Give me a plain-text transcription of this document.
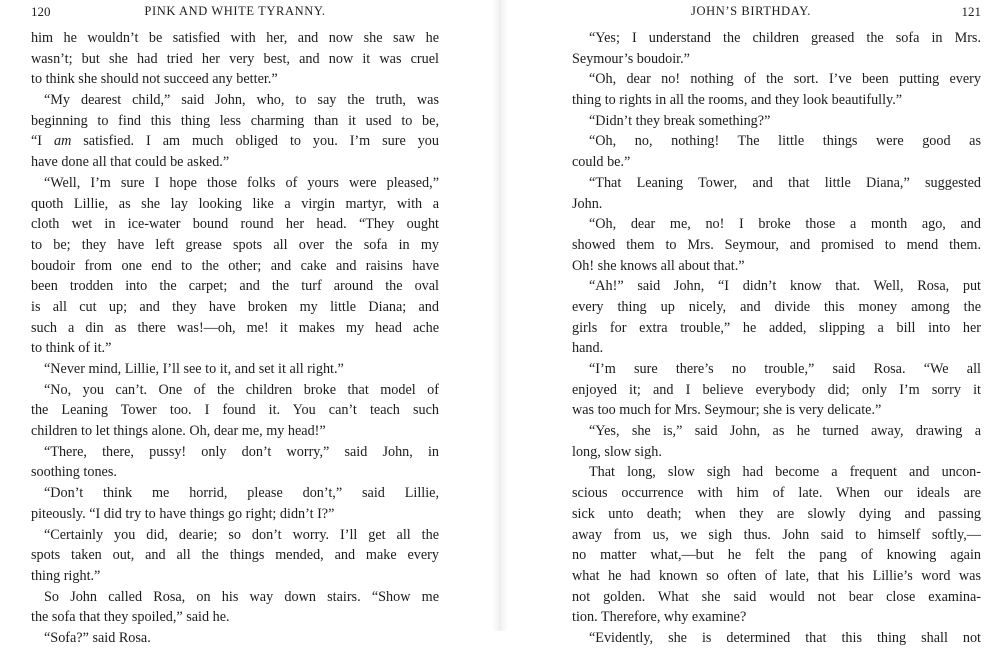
120	PINK AND WHITE TYRANNY.
him he wouldn’t be satisfied with her, and now she saw he
wasn’t; but she had tried her very best, and now it was cruel
to think she should not succeed any better.”
“My dearest child,” said John, who, to say the truth, was
beginning to find this thing less charming than it used to be,
“I am satisfied. I am much obliged to you. I’m sure you
have done all that could be asked.”
“Well, I’m sure I hope those folks of yours were pleased,”
quoth Lillie, as she lay looking like a virgin martyr, with a
cloth wet in ice-water bound round her head. “They ought
to be; they have left grease spots all over the sofa in my
boudoir from one end to the other; and cake and raisins have
been trodden into the carpet; and the turf around the oval
is all cut up; and they have broken my little Diana; and
such a din as there was!—oh, me! it makes my head ache
to think of it.”
“Never mind, Lillie, I’ll see to it, and set it all right.”
“No, you can’t. One of the children broke that model of
the Leaning Tower too. I found it. You can’t teach such
children to let things alone. Oh, dear me, my head!”
“There, there, pussy! only don’t worry,” said John, in
soothing tones.
“Don’t think me horrid, please don’t,” said Lillie,
piteously. “I did try to have things go right; didn’t I?”
“Certainly you did, dearie; so don’t worry. I’ll get all the
spots taken out, and all the things mended, and make every
thing right.”
So John called Rosa, on his way down stairs. “Show me
the sofa that they spoiled,” said he.
“Sofa?” said Rosa.
JOHN’S BIRTHDAY.	121
“Yes; I understand the children greased the sofa in Mrs.
Seymour’s boudoir.”
“Oh, dear no! nothing of the sort. I’ve been putting every
thing to rights in all the rooms, and they look beautifully.”
“Didn’t they break something?”
“Oh, no, nothing! The little things were good as
could be.”
“That Leaning Tower, and that little Diana,” suggested
John.
“Oh, dear me, no! I broke those a month ago, and
showed them to Mrs. Seymour, and promised to mend them.
Oh! she knows all about that.”
“Ah!” said John, “I didn’t know that. Well, Rosa, put
every thing up nicely, and divide this money among the
girls for extra trouble,” he added, slipping a bill into her
hand.
“I’m sure there’s no trouble,” said Rosa. “We all
enjoyed it; and I believe everybody did; only I’m sorry it
was too much for Mrs. Seymour; she is very delicate.”
“Yes, she is,” said John, as he turned away, drawing a
long, slow sigh.
That long, slow sigh had become a frequent and uncon-
scious occurrence with him of late. When our ideals are
sick unto death; when they are slowly dying and passing
away from us, we sigh thus. John said to himself softly,—
no matter what,—but he felt the pang of knowing again
what he had known so often of late, that his Lillie’s word was
not golden. What she said would not bear close examina-
tion. Therefore, why examine?
“Evidently, she is determined that this thing shall not
